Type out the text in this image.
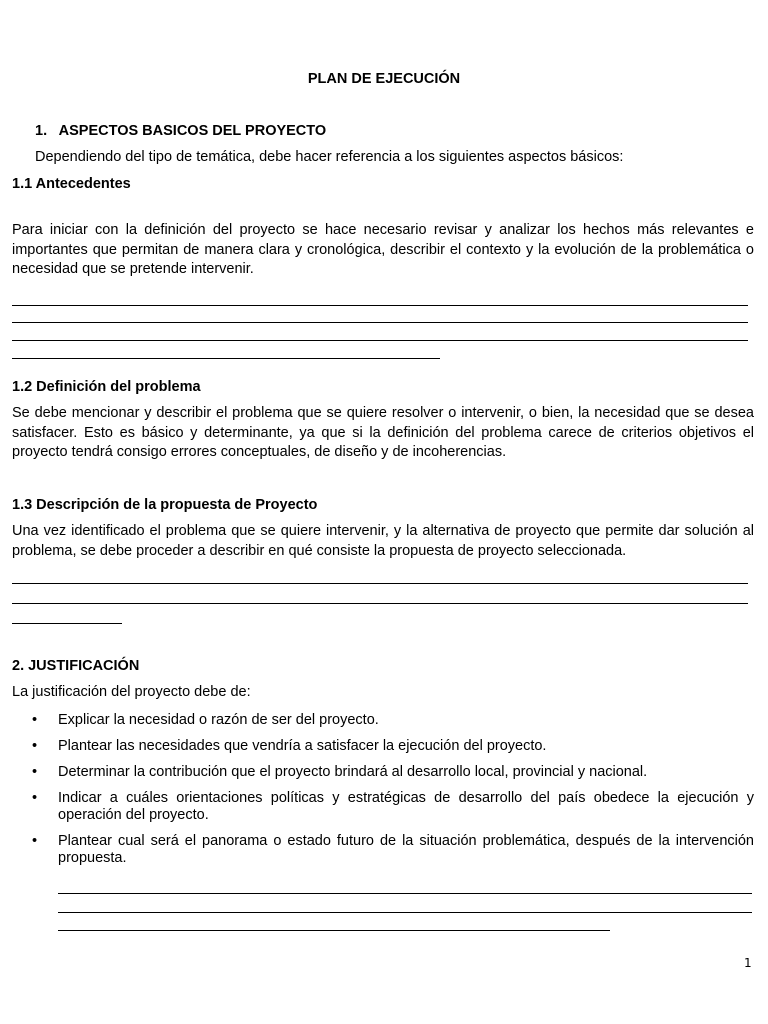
PLAN DE EJECUCIÓN

1. ASPECTOS BASICOS DEL PROYECTO

Dependiendo del tipo de temática, debe hacer referencia a los siguientes aspectos básicos:

1.1 Antecedentes

Para iniciar con la definición del proyecto se hace necesario revisar y analizar los hechos más relevantes e importantes que permitan de manera clara y cronológica, describir el contexto y la evolución de la problemática o necesidad que se pretende intervenir.

1.2 Definición del problema

Se debe mencionar y describir el problema que se quiere resolver o intervenir, o bien, la necesidad que se desea satisfacer. Esto es básico y determinante, ya que si la definición del problema carece de criterios objetivos el proyecto tendrá consigo errores conceptuales, de diseño y de incoherencias.

1.3 Descripción de la propuesta de Proyecto

Una vez identificado el problema que se quiere intervenir, y la alternativa de proyecto que permite dar solución al problema, se debe proceder a describir en qué consiste la propuesta de proyecto seleccionada.

2. JUSTIFICACIÓN

La justificación del proyecto debe de:

• Explicar la necesidad o razón de ser del proyecto.
• Plantear las necesidades que vendría a satisfacer la ejecución del proyecto.
• Determinar la contribución que el proyecto brindará al desarrollo local, provincial y nacional.
• Indicar a cuáles orientaciones políticas y estratégicas de desarrollo del país obedece la ejecución y operación del proyecto.
• Plantear cual será el panorama o estado futuro de la situación problemática, después de la intervención propuesta.
1
